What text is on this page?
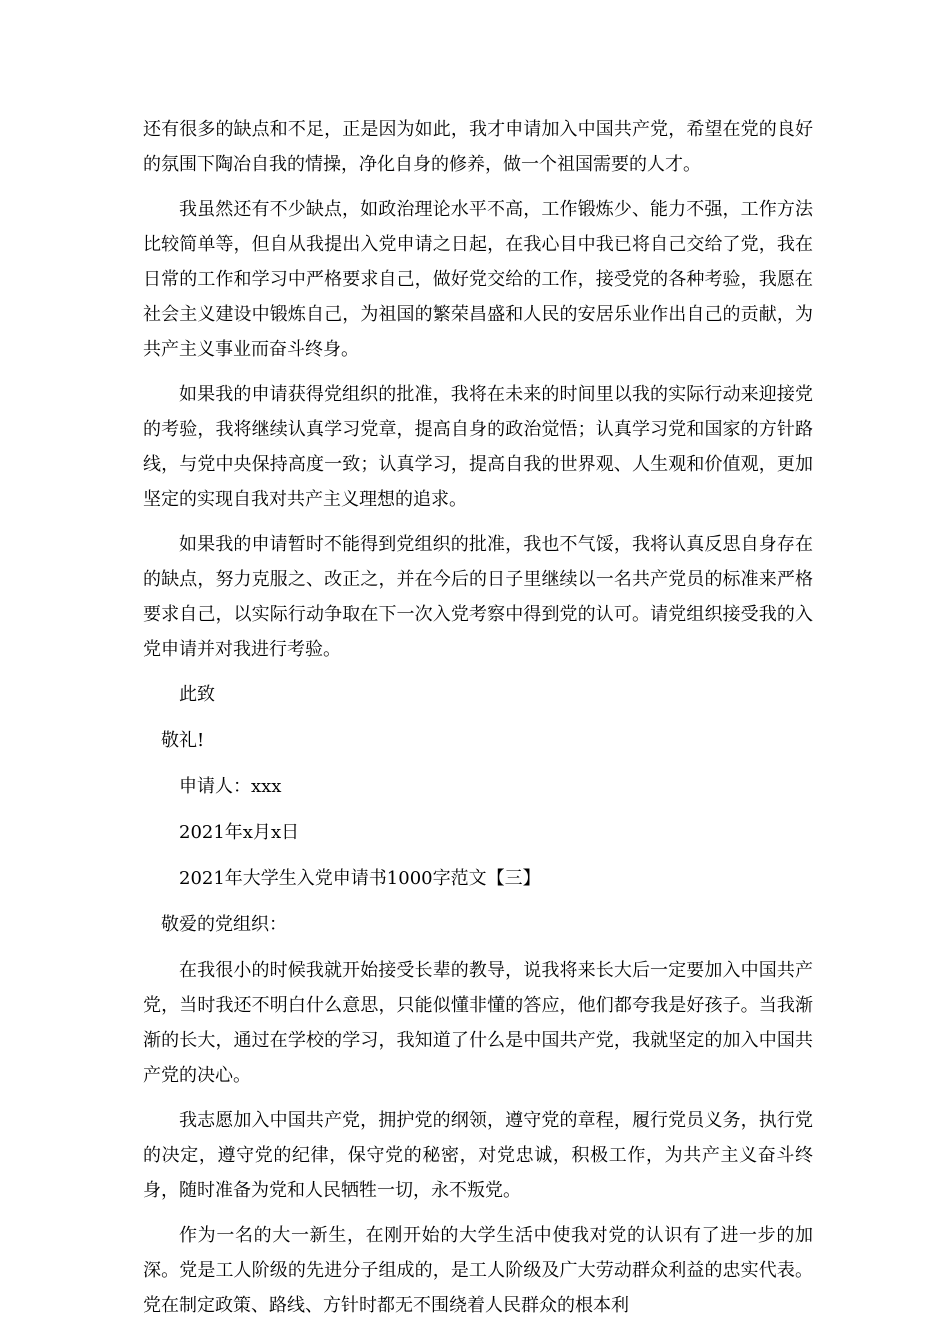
还有很多的缺点和不足，正是因为如此，我才申请加入中国共产党，希望在党的良好的氛围下陶冶自我的情操，净化自身的修养，做一个祖国需要的人才。

我虽然还有不少缺点，如政治理论水平不高，工作锻炼少、能力不强，工作方法比较简单等，但自从我提出入党申请之日起，在我心目中我已将自己交给了党，我在日常的工作和学习中严格要求自己，做好党交给的工作，接受党的各种考验，我愿在社会主义建设中锻炼自己，为祖国的繁荣昌盛和人民的安居乐业作出自己的贡献，为共产主义事业而奋斗终身。

如果我的申请获得党组织的批准，我将在未来的时间里以我的实际行动来迎接党的考验，我将继续认真学习党章，提高自身的政治觉悟；认真学习党和国家的方针路线，与党中央保持高度一致；认真学习，提高自我的世界观、人生观和价值观，更加坚定的实现自我对共产主义理想的追求。

如果我的申请暂时不能得到党组织的批准，我也不气馁，我将认真反思自身存在的缺点，努力克服之、改正之，并在今后的日子里继续以一名共产党员的标准来严格要求自己，以实际行动争取在下一次入党考察中得到党的认可。请党组织接受我的入党申请并对我进行考验。

此致
敬礼!
申请人：xxx
2021年x月x日
2021年大学生入党申请书1000字范文【三】
敬爱的党组织：

在我很小的时候我就开始接受长辈的教导，说我将来长大后一定要加入中国共产党，当时我还不明白什么意思，只能似懂非懂的答应，他们都夸我是好孩子。当我渐渐的长大，通过在学校的学习，我知道了什么是中国共产党，我就坚定的加入中国共产党的决心。

我志愿加入中国共产党，拥护党的纲领，遵守党的章程，履行党员义务，执行党的决定，遵守党的纪律，保守党的秘密，对党忠诚，积极工作，为共产主义奋斗终身，随时准备为党和人民牺牲一切，永不叛党。

作为一名的大一新生，在刚开始的大学生活中使我对党的认识有了进一步的加深。党是工人阶级的先进分子组成的，是工人阶级及广大劳动群众利益的忠实代表。党在制定政策、路线、方针时都无不围绕着人民群众的根本利
